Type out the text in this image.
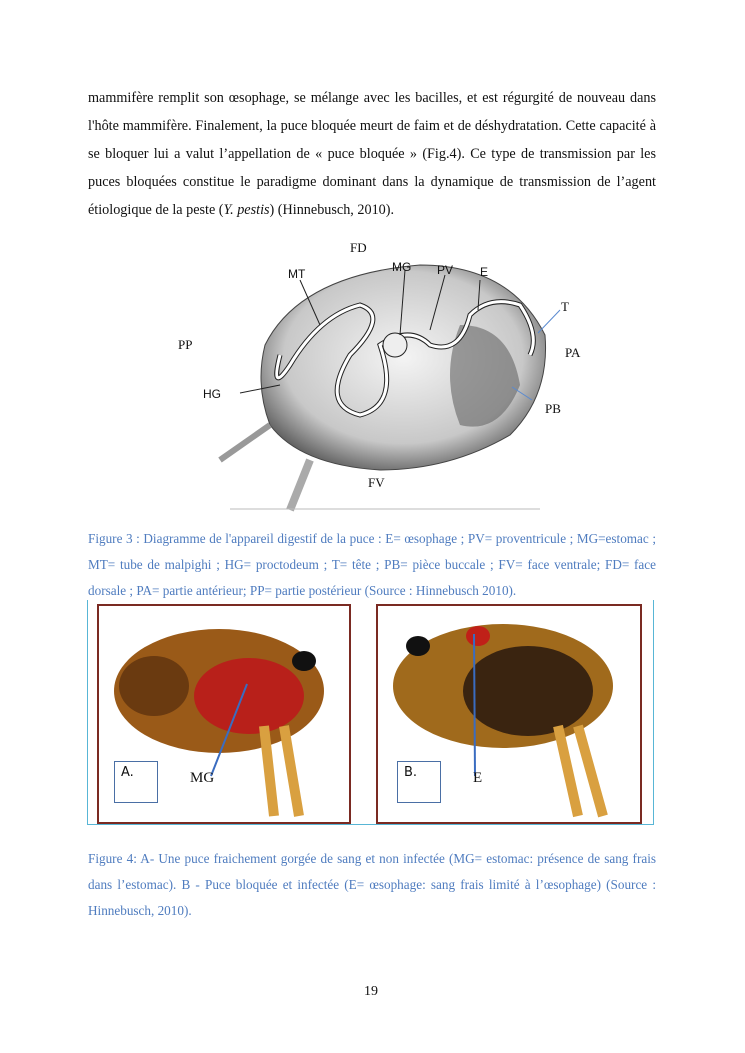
mammifère remplit son œsophage, se mélange avec les bacilles, et est régurgité de nouveau dans l'hôte mammifère. Finalement, la puce bloquée meurt de faim et de déshydratation. Cette capacité à se bloquer lui a valut l’appellation de « puce bloquée » (Fig.4). Ce type de transmission par les puces bloquées constitue le paradigme dominant dans la dynamique de transmission de l’agent étiologique de la peste (Y. pestis) (Hinnebusch, 2010).
FD
MT	MG PV E
T
PP
PA
HG
PB
FV
Figure 3 : Diagramme de l'appareil digestif de la puce : E= œsophage ; PV= proventricule ; MG=estomac ; MT= tube de malpighi ; HG= proctodeum ; T= tête ; PB= pièce buccale ; FV= face ventrale; FD= face dorsale ; PA= partie antérieur; PP= partie postérieur (Source : Hinnebusch 2010).
A.	MG	B.	E
Figure 4: A- Une puce fraichement gorgée de sang et non infectée (MG= estomac: présence de sang frais dans l’estomac). B - Puce bloquée et infectée (E= œsophage: sang frais limité à l’œsophage) (Source : Hinnebusch, 2010).
19
